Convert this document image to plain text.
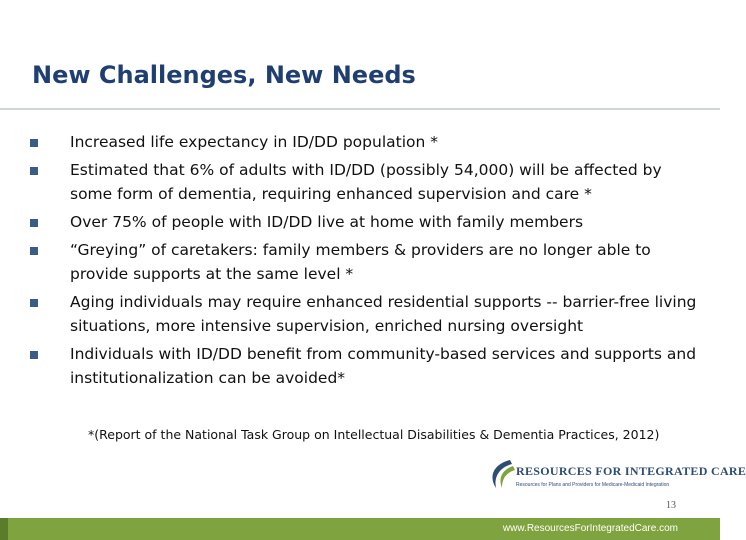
New Challenges, New Needs
Increased life expectancy in ID/DD population *
Estimated that 6% of adults with ID/DD (possibly 54,000) will be affected by some form of dementia, requiring enhanced supervision and care *
Over 75% of people with ID/DD live at home with family members
“Greying” of caretakers: family members & providers are no longer able to provide supports at the same level *
Aging individuals may require enhanced residential supports -- barrier-free living situations, more intensive supervision, enriched nursing oversight
Individuals with ID/DD benefit from community-based services and supports and institutionalization can be avoided*
*(Report of the National Task Group on Intellectual Disabilities & Dementia Practices, 2012)
RESOURCES FOR INTEGRATED CARE
Resources for Plans and Providers for Medicare-Medicaid Integration
13
www.ResourcesForIntegratedCare.com
